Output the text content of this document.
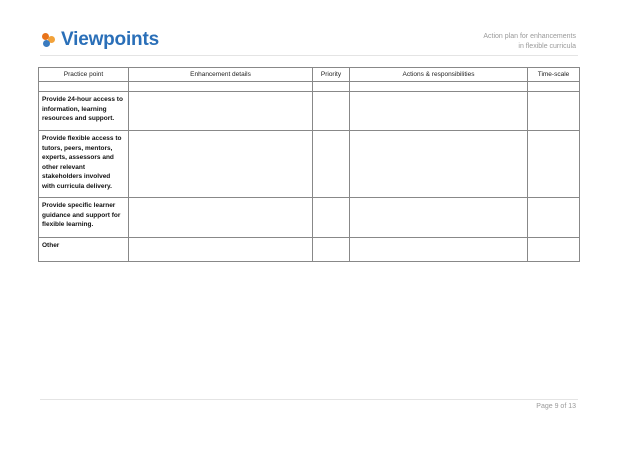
Viewpoints	Action plan for enhancements
in flexible curricula
Practice point	Enhancement details	Priority	Actions & responsibilities	Time-scale

Provide 24-hour access to information, learning resources and support.				
Provide flexible access to tutors, peers, mentors, experts, assessors and other relevant stakeholders involved with curricula delivery.				
Provide specific learner guidance and support for flexible learning.				
Other				
Page 9 of 13
